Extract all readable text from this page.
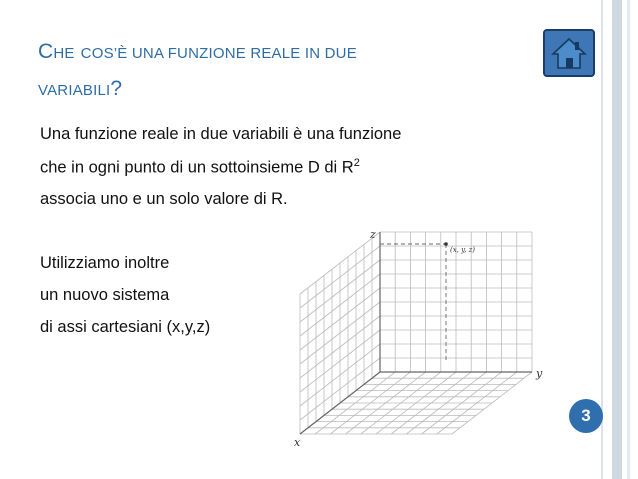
CHE COS’È UNA FUNZIONE REALE IN DUE
VARIABILI?
Una funzione reale in due variabili è una funzione
che in ogni punto di un sottoinsieme D di $R^2$
associa uno e un solo valore di R.
Utilizziamo inoltre
un nuovo sistema
di assi cartesiani (x,y,z)
z
y
x
(x, y, z)
3
